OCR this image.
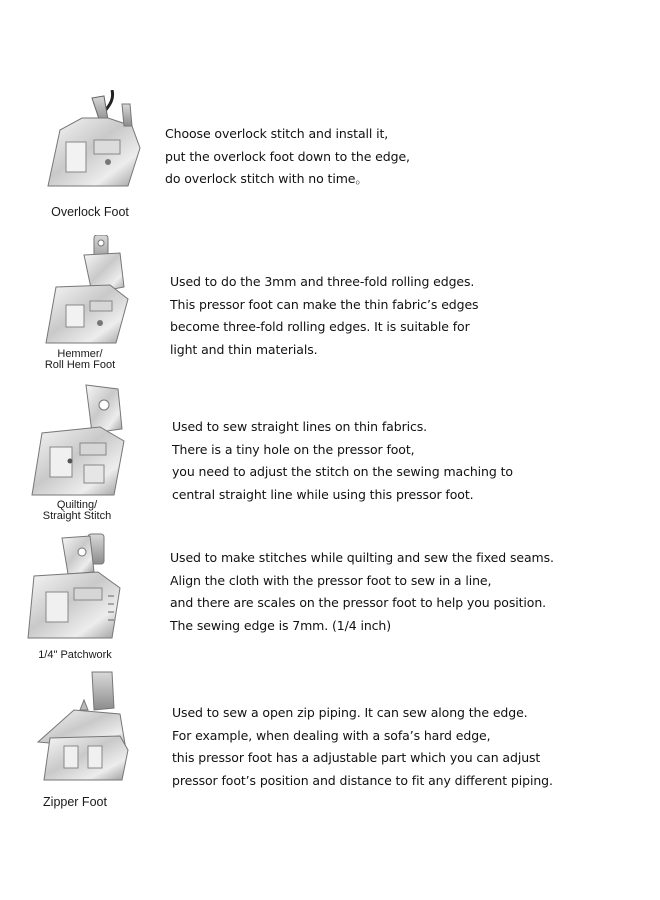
Overlock Foot
Choose overlock stitch and install it,
put the overlock foot down to the edge,
do overlock stitch with no time。
Hemmer/
Roll Hem Foot
Used to do the 3mm and three-fold rolling edges.
This pressor foot can make the thin fabric’s edges
become three-fold rolling edges. It is suitable for
light and thin materials.
Quilting/
Straight Stitch
Used to sew straight lines on thin fabrics.
There is a tiny hole on the pressor foot,
you need to adjust the stitch on the sewing maching to
central straight line while using this pressor foot.
1/4" Patchwork
Used to make stitches while quilting and sew the fixed seams.
Align the cloth with the pressor foot to sew in a line,
and there are scales on the pressor foot to help you position.
The sewing edge is 7mm. (1/4 inch)
Zipper Foot
Used to sew a open zip piping. It can sew along the edge.
For example, when dealing with a sofa’s hard edge,
this pressor foot has a adjustable part which you can adjust
pressor foot’s position and distance to fit any different piping.
